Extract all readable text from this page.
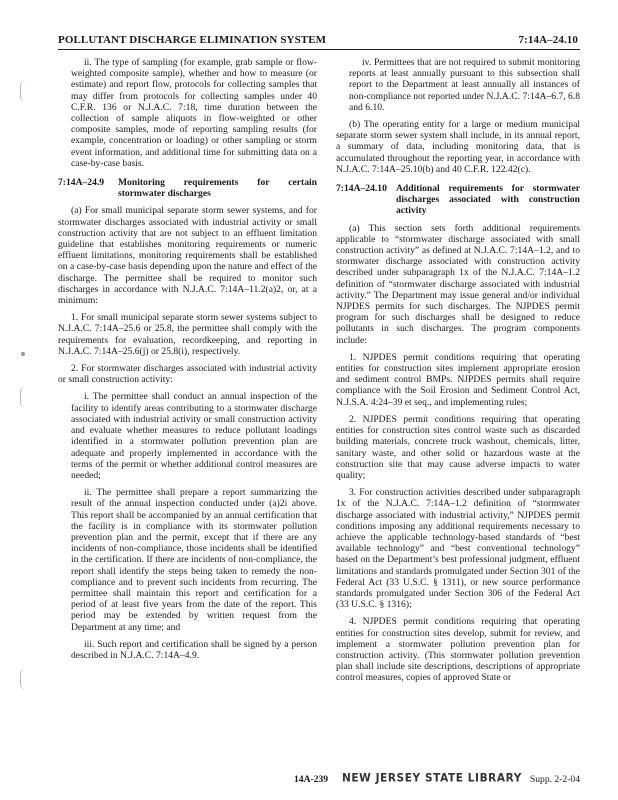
POLLUTANT DISCHARGE ELIMINATION SYSTEM	7:14A–24.10

ii. The type of sampling (for example, grab sample or flow-weighted composite sample), whether and how to measure (or estimate) and report flow, protocols for collecting samples that may differ from protocols for collecting samples under 40 C.F.R. 136 or N.J.A.C. 7:18, time duration between the collection of sample aliquots in flow-weighted or other composite samples, mode of reporting sampling results (for example, concentration or loading) or other sampling or storm event information, and additional time for submitting data on a case-by-case basis.

7:14A–24.9	Monitoring requirements for certain stormwater discharges

(a) For small municipal separate storm sewer systems, and for stormwater discharges associated with industrial activity or small construction activity that are not subject to an effluent limitation guideline that establishes monitoring requirements or numeric effluent limitations, monitoring requirements shall be established on a case-by-case basis depending upon the nature and effect of the discharge. The permittee shall be required to monitor such discharges in accordance with N.J.A.C. 7:14A–11.2(a)2, or, at a minimum:

1. For small municipal separate storm sewer systems subject to N.J.A.C. 7:14A–25.6 or 25.8, the permittee shall comply with the requirements for evaluation, recordkeeping, and reporting in N.J.A.C. 7:14A–25.6(j) or 25.8(i), respectively.

2. For stormwater discharges associated with industrial activity or small construction activity:

i. The permittee shall conduct an annual inspection of the facility to identify areas contributing to a stormwater discharge associated with industrial activity or small construction activity and evaluate whether measures to reduce pollutant loadings identified in a stormwater pollution prevention plan are adequate and properly implemented in accordance with the terms of the permit or whether additional control measures are needed;

ii. The permittee shall prepare a report summarizing the result of the annual inspection conducted under (a)2i above. This report shall be accompanied by an annual certification that the facility is in compliance with its stormwater pollution prevention plan and the permit, except that if there are any incidents of non-compliance, those incidents shall be identified in the certification. If there are incidents of non-compliance, the report shall identify the steps being taken to remedy the non-compliance and to prevent such incidents from recurring. The permittee shall maintain this report and certification for a period of at least five years from the date of the report. This period may be extended by written request from the Department at any time; and

iii. Such report and certification shall be signed by a person described in N.J.A.C. 7:14A–4.9.

iv. Permittees that are not required to submit monitoring reports at least annually pursuant to this subsection shall report to the Department at least annually all instances of non-compliance not reported under N.J.A.C. 7:14A–6.7, 6.8 and 6.10.

(b) The operating entity for a large or medium municipal separate storm sewer system shall include, in its annual report, a summary of data, including monitoring data, that is accumulated throughout the reporting year, in accordance with N.J.A.C. 7:14A–25.10(b) and 40 C.F.R. 122.42(c).

7:14A–24.10 Additional requirements for stormwater discharges associated with construction activity

(a) This section sets forth additional requirements applicable to “stormwater discharge associated with small construction activity” as defined at N.J.A.C. 7:14A–1.2, and to stormwater discharge associated with construction activity described under subparagraph 1x of the N.J.A.C. 7:14A–1.2 definition of “stormwater discharge associated with industrial activity.” The Department may issue general and/or individual NJPDES permits for such discharges. The NJPDES permit program for such discharges shall be designed to reduce pollutants in such discharges. The program components include:

1. NJPDES permit conditions requiring that operating entities for construction sites implement appropriate erosion and sediment control BMPs. NJPDES permits shall require compliance with the Soil Erosion and Sediment Control Act, N.J.S.A. 4:24–39 et seq., and implementing rules;

2. NJPDES permit conditions requiring that operating entities for construction sites control waste such as discarded building materials, concrete truck washout, chemicals, litter, sanitary waste, and other solid or hazardous waste at the construction site that may cause adverse impacts to water quality;

3. For construction activities described under subparagraph 1x of the N.J.A.C. 7:14A–1.2 definition of “stormwater discharge associated with industrial activity,” NJPDES permit conditions imposing any additional requirements necessary to achieve the applicable technology-based standards of “best available technology” and “best conventional technology” based on the Department’s best professional judgment, effluent limitations and standards promulgated under Section 301 of the Federal Act (33 U.S.C. § 1311), or new source performance standards promulgated under Section 306 of the Federal Act (33 U.S.C. § 1316);

4. NJPDES permit conditions requiring that operating entities for construction sites develop, submit for review, and implement a stormwater pollution prevention plan for construction activity. (This stormwater pollution prevention plan shall include site descriptions, descriptions of appropriate control measures, copies of approved State or

14A-239 NEW JERSEY STATE LIBRARY Supp. 2-2-04
